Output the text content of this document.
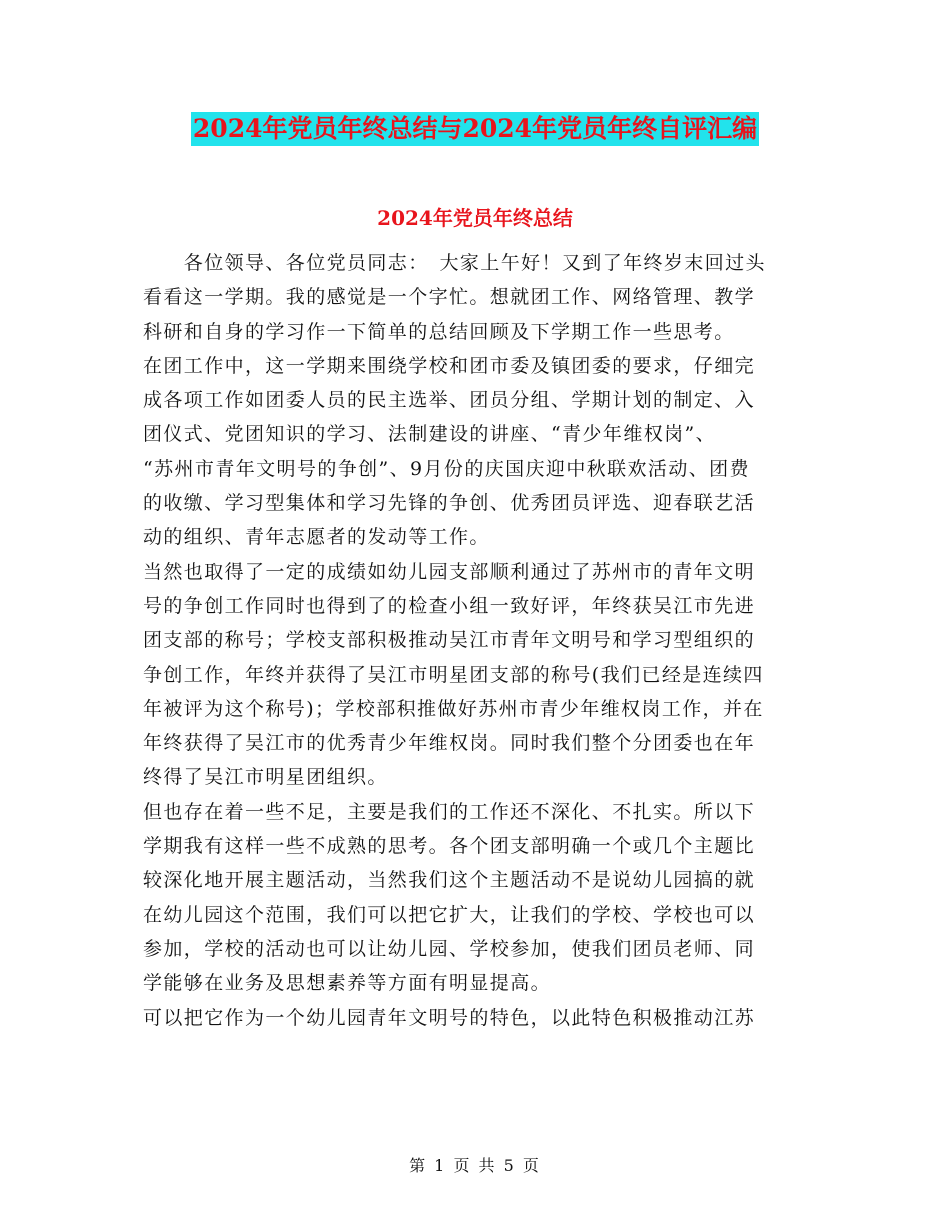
2024年党员年终总结与2024年党员年终自评汇编
2024年党员年终总结
　　各位领导、各位党员同志：　大家上午好！又到了年终岁末回过头
看看这一学期。我的感觉是一个字忙。想就团工作、网络管理、教学
科研和自身的学习作一下简单的总结回顾及下学期工作一些思考。
在团工作中，这一学期来围绕学校和团市委及镇团委的要求，仔细完
成各项工作如团委人员的民主选举、团员分组、学期计划的制定、入
团仪式、党团知识的学习、法制建设的讲座、“青少年维权岗”、
“苏州市青年文明号的争创”、9月份的庆国庆迎中秋联欢活动、团费
的收缴、学习型集体和学习先锋的争创、优秀团员评选、迎春联艺活
动的组织、青年志愿者的发动等工作。
当然也取得了一定的成绩如幼儿园支部顺利通过了苏州市的青年文明
号的争创工作同时也得到了的检查小组一致好评，年终获吴江市先进
团支部的称号；学校支部积极推动吴江市青年文明号和学习型组织的
争创工作，年终并获得了吴江市明星团支部的称号(我们已经是连续四
年被评为这个称号)；学校部积推做好苏州市青少年维权岗工作，并在
年终获得了吴江市的优秀青少年维权岗。同时我们整个分团委也在年
终得了吴江市明星团组织。
但也存在着一些不足，主要是我们的工作还不深化、不扎实。所以下
学期我有这样一些不成熟的思考。各个团支部明确一个或几个主题比
较深化地开展主题活动，当然我们这个主题活动不是说幼儿园搞的就
在幼儿园这个范围，我们可以把它扩大，让我们的学校、学校也可以
参加，学校的活动也可以让幼儿园、学校参加，使我们团员老师、同
学能够在业务及思想素养等方面有明显提高。
可以把它作为一个幼儿园青年文明号的特色，以此特色积极推动江苏
第 1 页 共 5 页
